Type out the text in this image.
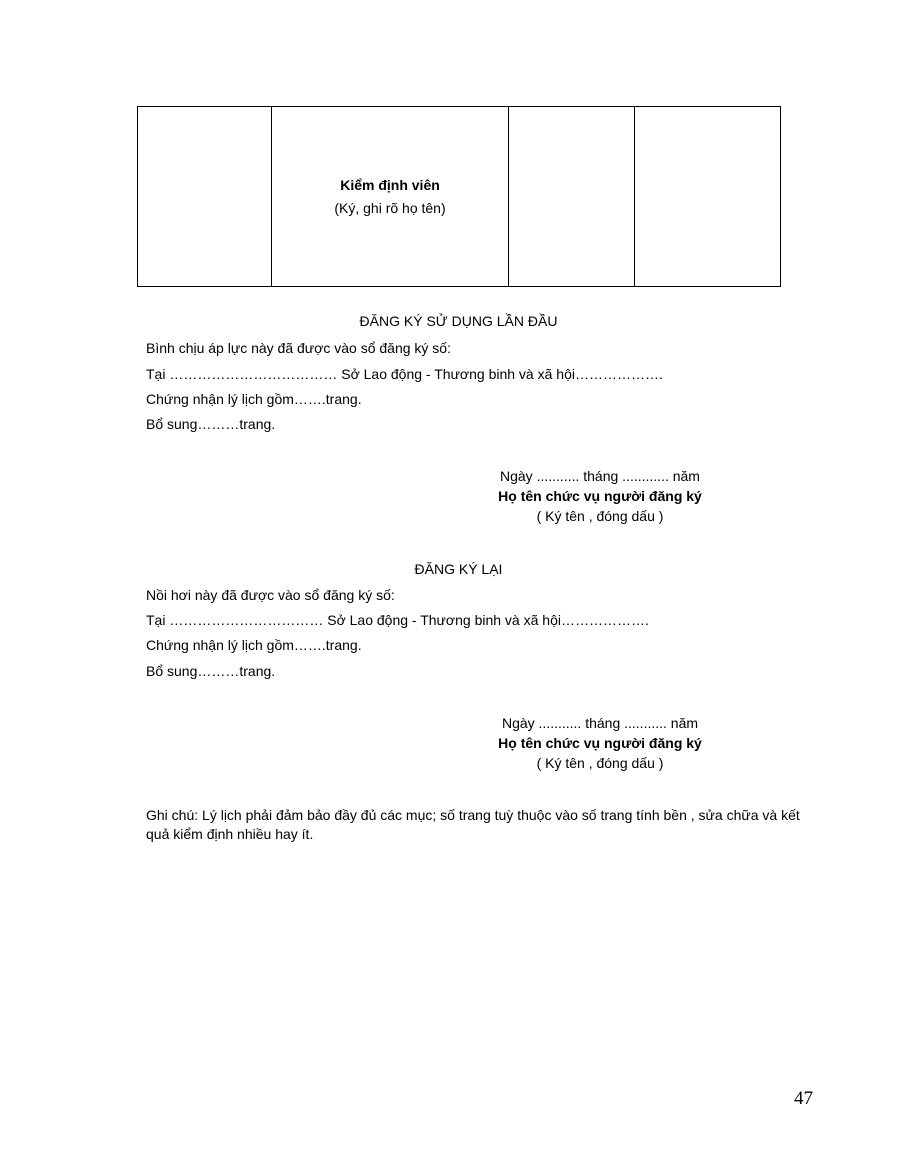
Kiểm định viên
(Ký, ghi rõ họ tên)

ĐĂNG KÝ SỬ DỤNG LẦN ĐẦU
Bình chịu áp lực này đã được vào sổ đăng ký số:
Tại ……………………………… Sở Lao động - Thương binh và xã hội……………….
Chứng nhận lý lịch gồm…….trang.
Bổ sung………trang.
Ngày ........... tháng ............ năm
Họ tên chức vụ người đăng ký
( Ký tên , đóng dấu )
ĐĂNG KÝ LẠI
Nồi hơi này đã được vào sổ đăng ký số:
Tại …………………………… Sở Lao động - Thương binh và xã hội……………….
Chứng nhận lý lịch gồm…….trang.
Bổ sung………trang.
Ngày ........... tháng ........... năm
Họ tên chức vụ người đăng ký
( Ký tên , đóng dấu )
Ghi chú: Lý lịch phải đảm bảo đầy đủ các mục; số trang tuỳ thuộc vào số trang tính bền , sửa chữa và kết quả kiểm định nhiều hay ít.
47
